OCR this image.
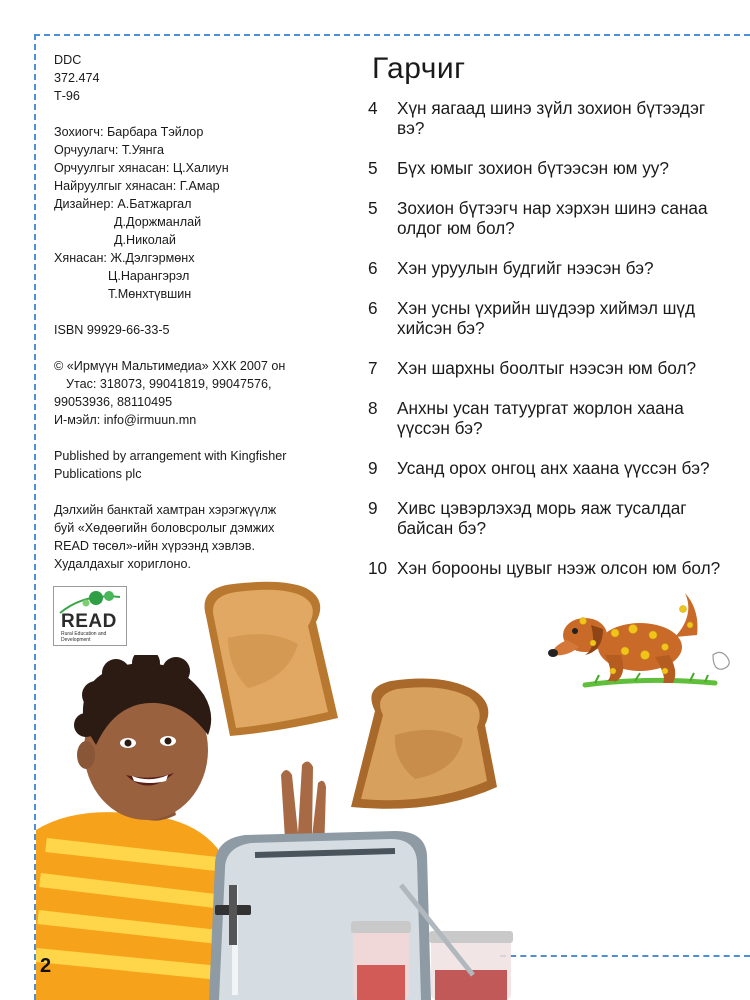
DDC
372.474
Т-96
Зохиогч: Барбара Тэйлор
Орчуулагч: Т.Уянга
Орчуулгыг хянасан: Ц.Халиун
Найруулгыг хянасан: Г.Амар
Дизайнер: А.Батжаргал
Д.Доржманлай
Д.Николай
Хянасан: Ж.Дэлгэрмөнх
Ц.Нарангэрэл
Т.Мөнхтүвшин
ISBN 99929-66-33-5
© «Ирмүүн Мальтимедиа» ХХК 2007 он
Утас: 318073, 99041819, 99047576,
99053936, 88110495
И-мэйл: info@irmuun.mn
Published by arrangement with Kingfisher
Publications plc
Дэлхийн банктай хамтран хэрэгжүүлж
буй «Хөдөөгийн боловсролыг дэмжих
READ төсөл»-ийн хүрээнд хэвлэв.
Худалдахыг хориглоно.
READ
Rural Education and Development
Гарчиг
4 Хүн яагаад шинэ зүйл зохион бүтээдэг вэ?
5 Бүх юмыг зохион бүтээсэн юм уу?
5 Зохион бүтээгч нар хэрхэн шинэ санаа олдог юм бол?
6 Хэн уруулын будгийг нээсэн бэ?
6 Хэн усны үхрийн шүдээр хиймэл шүд хийсэн бэ?
7 Хэн шархны боолтыг нээсэн юм бол?
8 Анхны усан татуургат жорлон хаана үүссэн бэ?
9 Усанд орох онгоц анх хаана үүссэн бэ?
9 Хивс цэвэрлэхэд морь яаж тусалдаг байсан бэ?
10 Хэн борооны цувыг нээж олсон юм бол?
2
